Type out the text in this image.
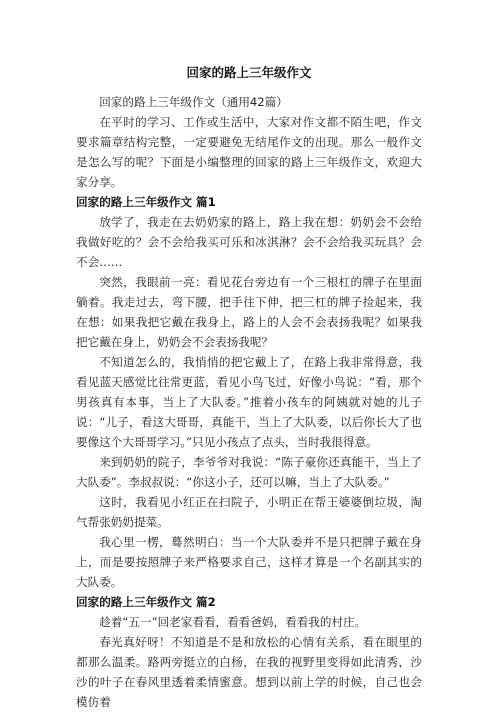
回家的路上三年级作文

回家的路上三年级作文（通用42篇）

在平时的学习、工作或生活中，大家对作文都不陌生吧，作文要求篇章结构完整，一定要避免无结尾作文的出现。那么一般作文是怎么写的呢？下面是小编整理的回家的路上三年级作文，欢迎大家分享。

回家的路上三年级作文 篇1

放学了，我走在去奶奶家的路上，路上我在想：奶奶会不会给我做好吃的？会不会给我买可乐和冰淇淋？会不会给我买玩具？会不会……

突然，我眼前一亮：看见花台旁边有一个三根杠的牌子在里面躺着。我走过去，弯下腰，把手往下伸，把三杠的牌子捡起来，我在想：如果我把它戴在我身上，路上的人会不会表扬我呢？如果我把它戴在身上，奶奶会不会表扬我呢？

不知道怎么的，我悄悄的把它戴上了，在路上我非常得意，我看见蓝天感觉比往常更蓝，看见小鸟飞过，好像小鸟说：“看，那个男孩真有本事，当上了大队委。”推着小孩车的阿姨就对她的儿子说：“儿子，看这大哥哥，真能干，当上了大队委，以后你长大了也要像这个大哥哥学习。”只见小孩点了点头，当时我很得意。

来到奶奶的院子，李爷爷对我说：“陈子豪你还真能干，当上了大队委”。李叔叔说：“你这小子，还可以嘛，当上了大队委。”

这时，我看见小红正在扫院子，小明正在帮王婆婆倒垃圾，淘气帮张奶奶提菜。

我心里一楞，蓦然明白：当一个大队委并不是只把牌子戴在身上，而是要按照牌子来严格要求自己，这样才算是一个名副其实的大队委。

回家的路上三年级作文 篇2

趁着“五一”回老家看看，看看爸妈，看看我的村庄。

春光真好呀！不知道是不是和放松的心情有关系，看在眼里的都那么温柔。路两旁挺立的白杨，在我的视野里变得如此清秀，沙沙的叶子在春风里透着柔情蜜意。想到以前上学的时候，自己也会模仿着
